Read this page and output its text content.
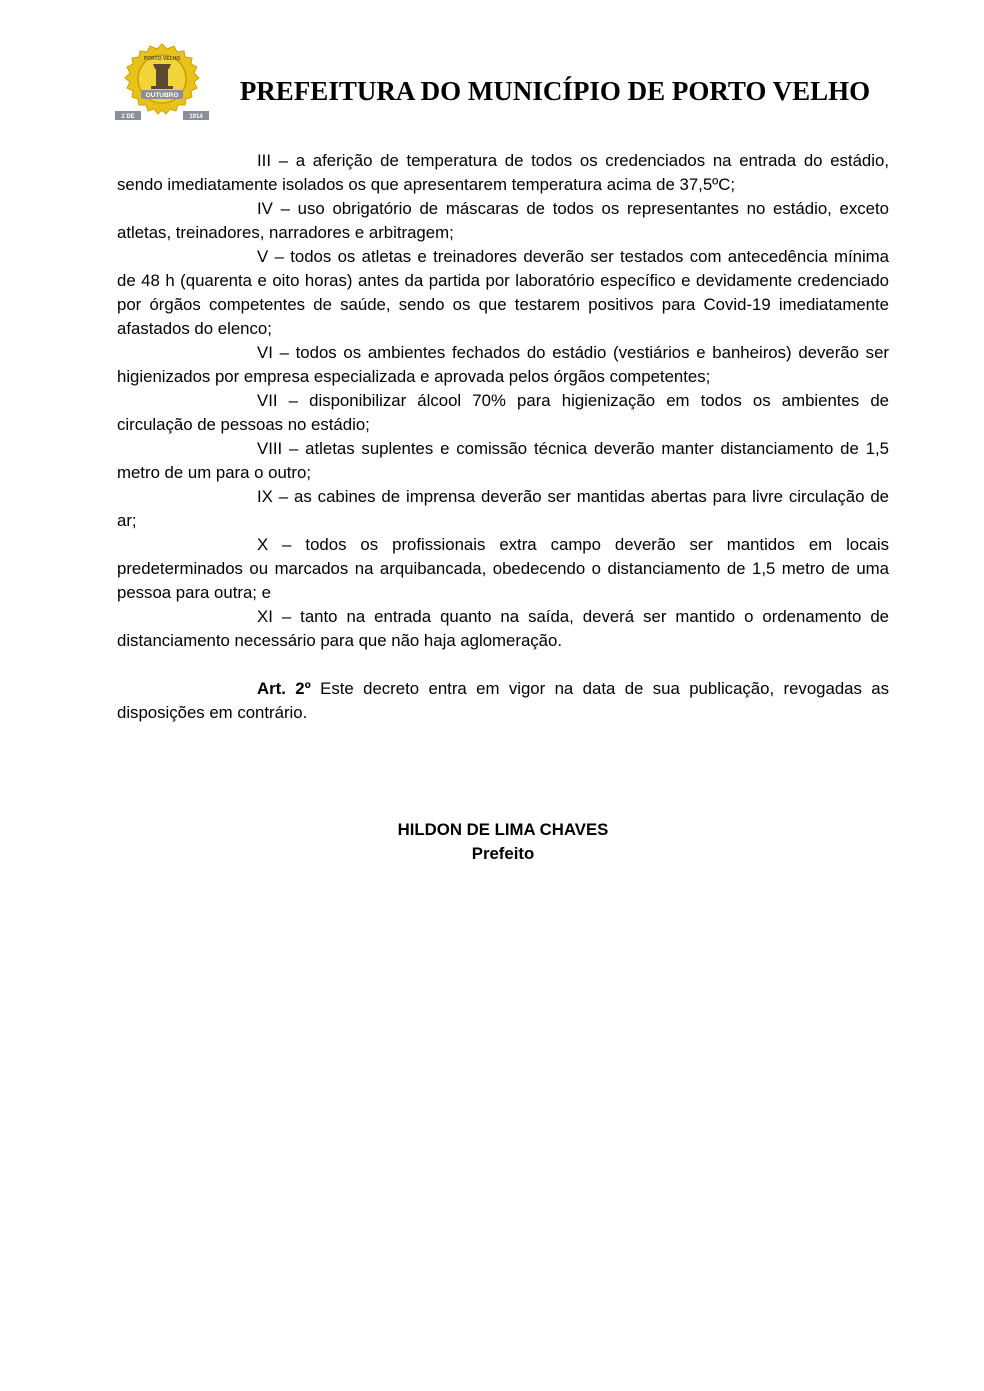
OUTUBRO
PORTO VELHO
2 DE	1914
PREFEITURA DO MUNICÍPIO DE PORTO VELHO

III – a aferição de temperatura de todos os credenciados na entrada do estádio, sendo imediatamente isolados os que apresentarem temperatura acima de 37,5ºC;

IV – uso obrigatório de máscaras de todos os representantes no estádio, exceto atletas, treinadores, narradores e arbitragem;

V – todos os atletas e treinadores deverão ser testados com antecedência mínima de 48 h (quarenta e oito horas) antes da partida por laboratório específico e devidamente credenciado por órgãos competentes de saúde, sendo os que testarem positivos para Covid-19 imediatamente afastados do elenco;

VI – todos os ambientes fechados do estádio (vestiários e banheiros) deverão ser higienizados por empresa especializada e aprovada pelos órgãos competentes;

VII – disponibilizar álcool 70% para higienização em todos os ambientes de circulação de pessoas no estádio;

VIII – atletas suplentes e comissão técnica deverão manter distanciamento de 1,5 metro de um para o outro;

IX – as cabines de imprensa deverão ser mantidas abertas para livre circulação de ar;

X – todos os profissionais extra campo deverão ser mantidos em locais predeterminados ou marcados na arquibancada, obedecendo o distanciamento de 1,5 metro de uma pessoa para outra; e

XI – tanto na entrada quanto na saída, deverá ser mantido o ordenamento de distanciamento necessário para que não haja aglomeração.

Art. 2º Este decreto entra em vigor na data de sua publicação, revogadas as disposições em contrário.

HILDON DE LIMA CHAVES
Prefeito
